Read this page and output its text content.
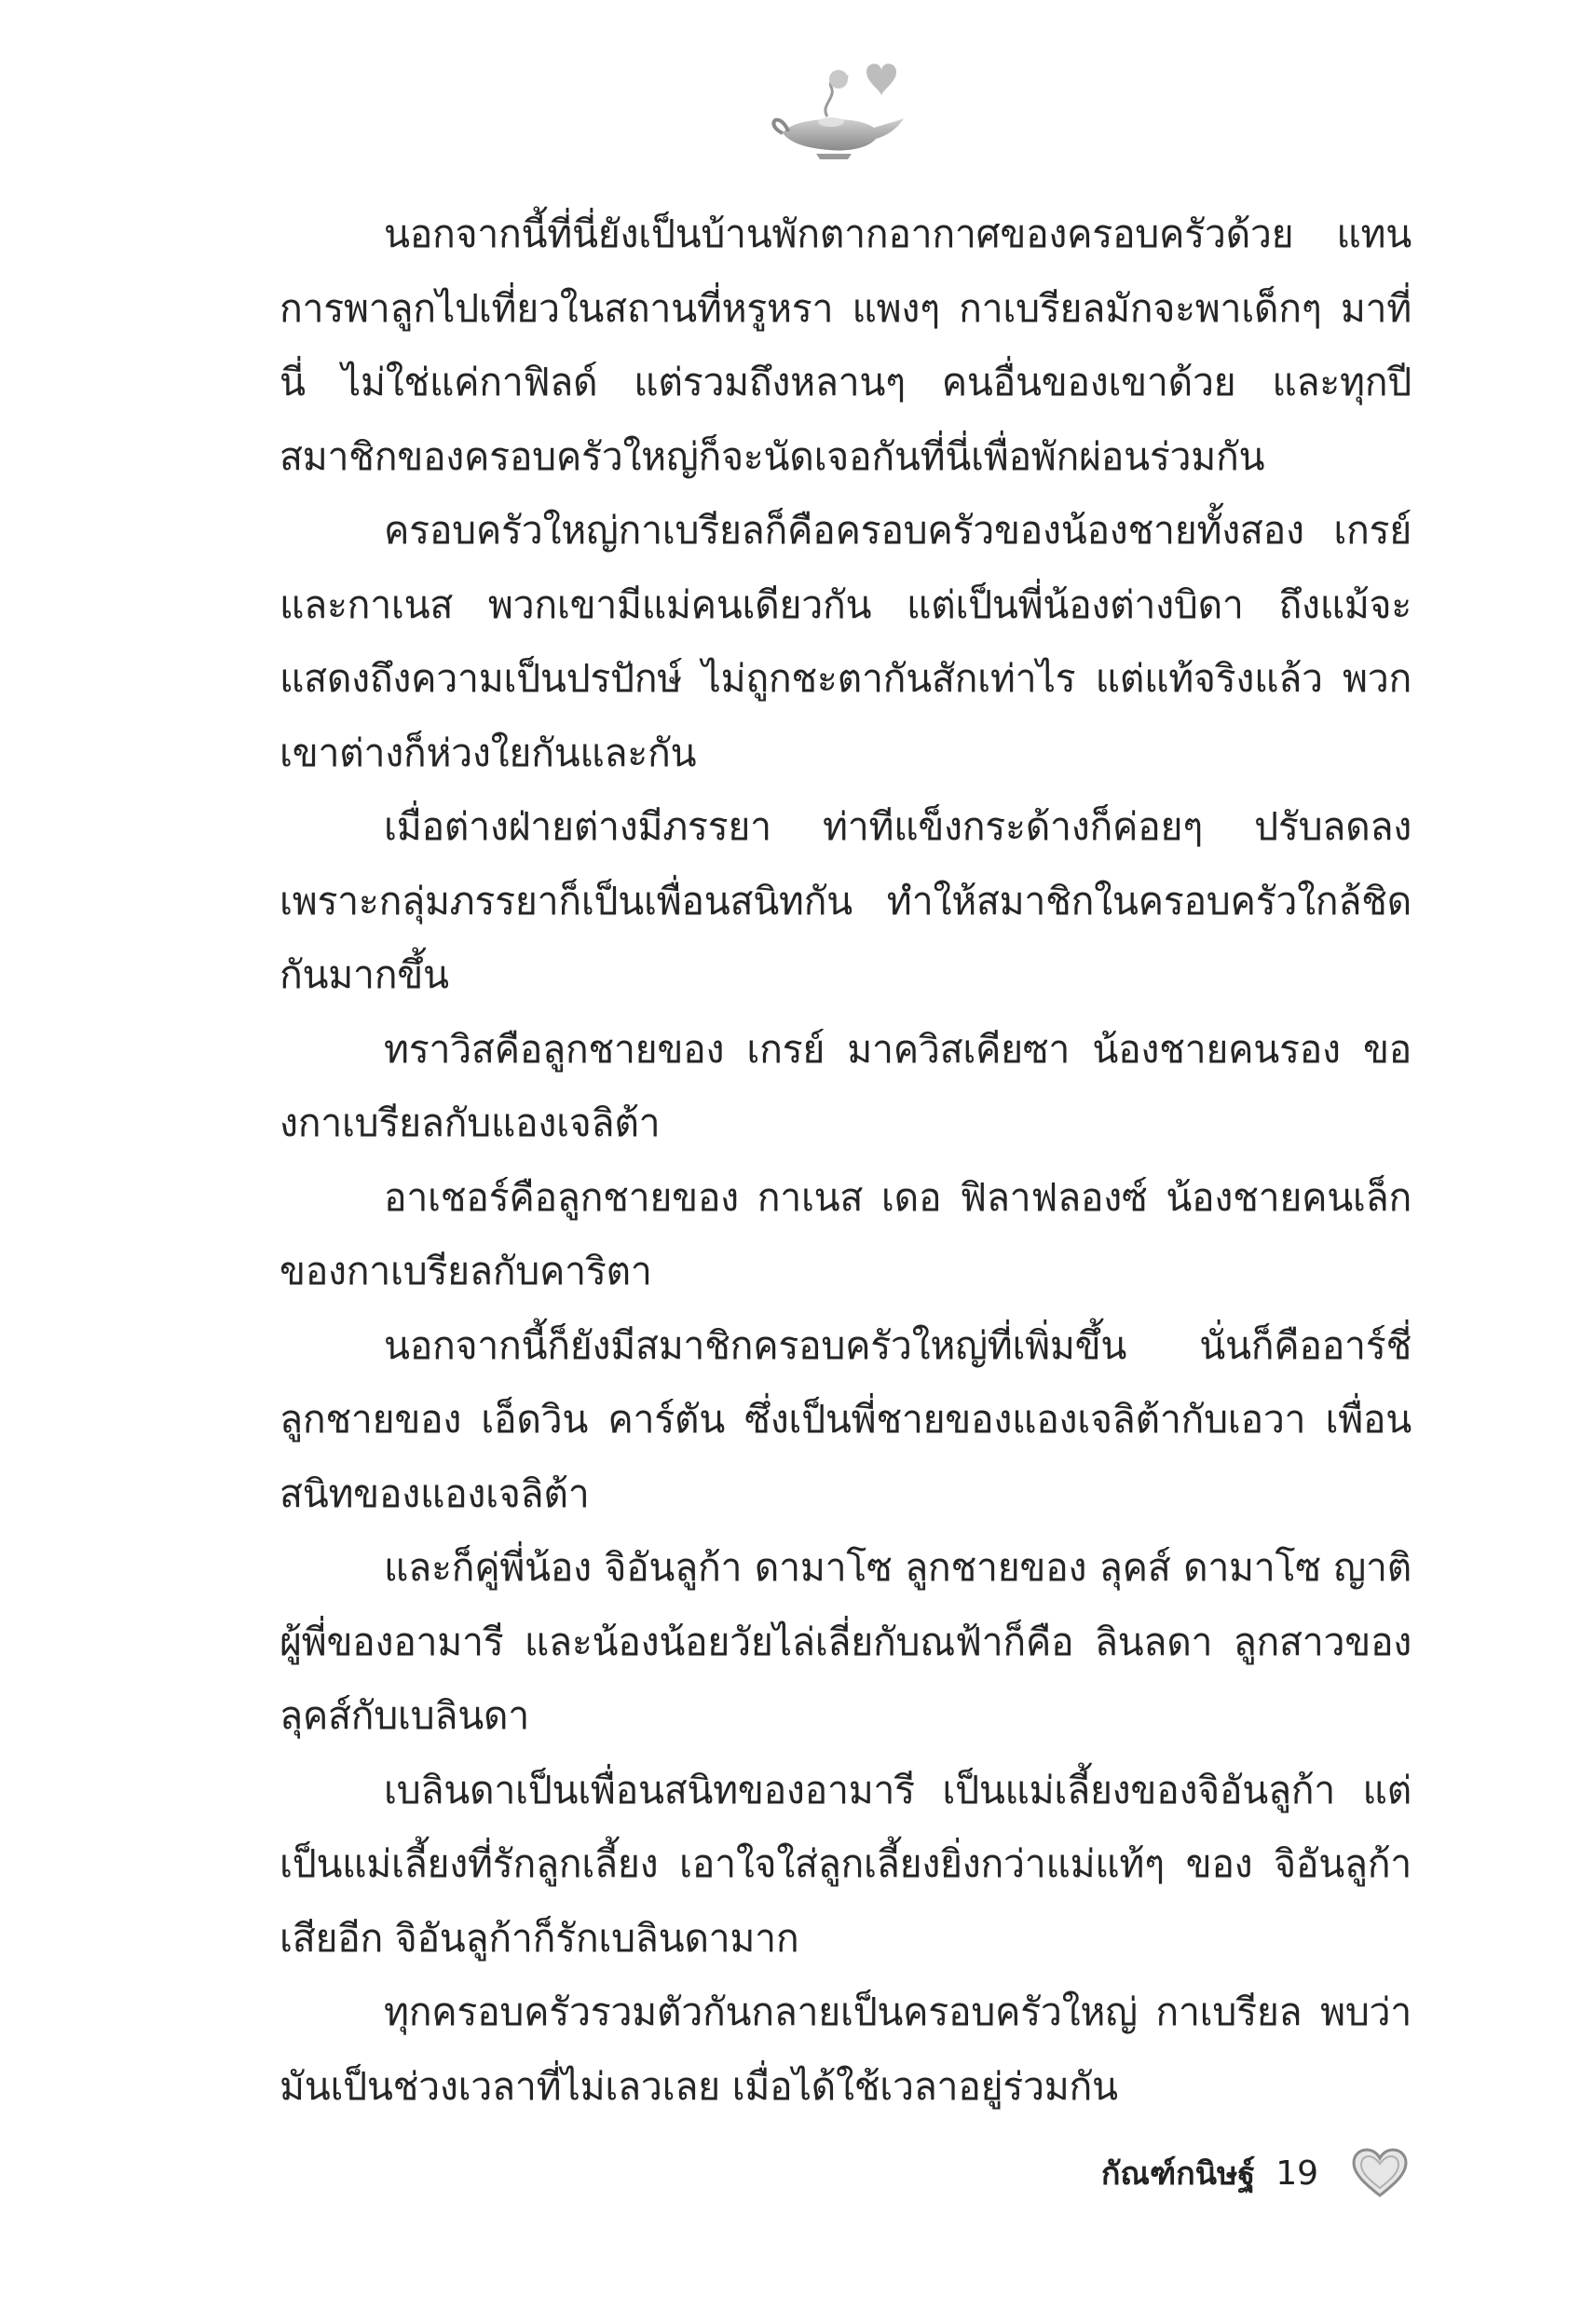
นอกจากนี้ที่นี่ยังเป็นบ้านพักตากอากาศของครอบครัวด้วย แทนการพาลูกไปเที่ยวในสถานที่หรูหรา แพงๆ กาเบรียลมักจะพาเด็กๆ มาที่นี่ ไม่ใช่แค่กาฟิลด์ แต่รวมถึงหลานๆ คนอื่นของเขาด้วย และทุกปี สมาชิกของครอบครัวใหญ่ก็จะนัดเจอกันที่นี่เพื่อพักผ่อนร่วมกัน

ครอบครัวใหญ่กาเบรียลก็คือครอบครัวของน้องชายทั้งสอง เกรย์และกาเนส พวกเขามีแม่คนเดียวกัน แต่เป็นพี่น้องต่างบิดา ถึงแม้จะแสดงถึงความเป็นปรปักษ์ ไม่ถูกชะตากันสักเท่าไร แต่แท้จริงแล้ว พวกเขาต่างก็ห่วงใยกันและกัน

เมื่อต่างฝ่ายต่างมีภรรยา ท่าทีแข็งกระด้างก็ค่อยๆ ปรับลดลง เพราะกลุ่มภรรยาก็เป็นเพื่อนสนิทกัน ทำให้สมาชิกในครอบครัวใกล้ชิดกันมากขึ้น

ทราวิสคือลูกชายของ เกรย์ มาควิสเคียซา น้องชายคนรอง ของกาเบรียลกับแองเจลิต้า

อาเชอร์คือลูกชายของ กาเนส เดอ ฟิลาฟลองซ์ น้องชายคนเล็ก ของกาเบรียลกับคาริตา

นอกจากนี้ก็ยังมีสมาชิกครอบครัวใหญ่ที่เพิ่มขึ้น นั่นก็คืออาร์ชี่ ลูกชายของ เอ็ดวิน คาร์ตัน ซึ่งเป็นพี่ชายของแองเจลิต้ากับเอวา เพื่อนสนิทของแองเจลิต้า

และก็คู่พี่น้อง จิอันลูก้า ดามาโซ ลูกชายของ ลุคส์ ดามาโซ ญาติผู้พี่ของอามารี และน้องน้อยวัยไล่เลี่ยกับณฟ้าก็คือ ลินลดา ลูกสาวของลุคส์กับเบลินดา

เบลินดาเป็นเพื่อนสนิทของอามารี เป็นแม่เลี้ยงของจิอันลูก้า แต่เป็นแม่เลี้ยงที่รักลูกเลี้ยง เอาใจใส่ลูกเลี้ยงยิ่งกว่าแม่แท้ๆ ของ จิอันลูก้าเสียอีก จิอันลูก้าก็รักเบลินดามาก

ทุกครอบครัวรวมตัวกันกลายเป็นครอบครัวใหญ่ กาเบรียล พบว่ามันเป็นช่วงเวลาที่ไม่เลวเลย เมื่อได้ใช้เวลาอยู่ร่วมกัน

กัณฑ์กนิษฐ์ 19
